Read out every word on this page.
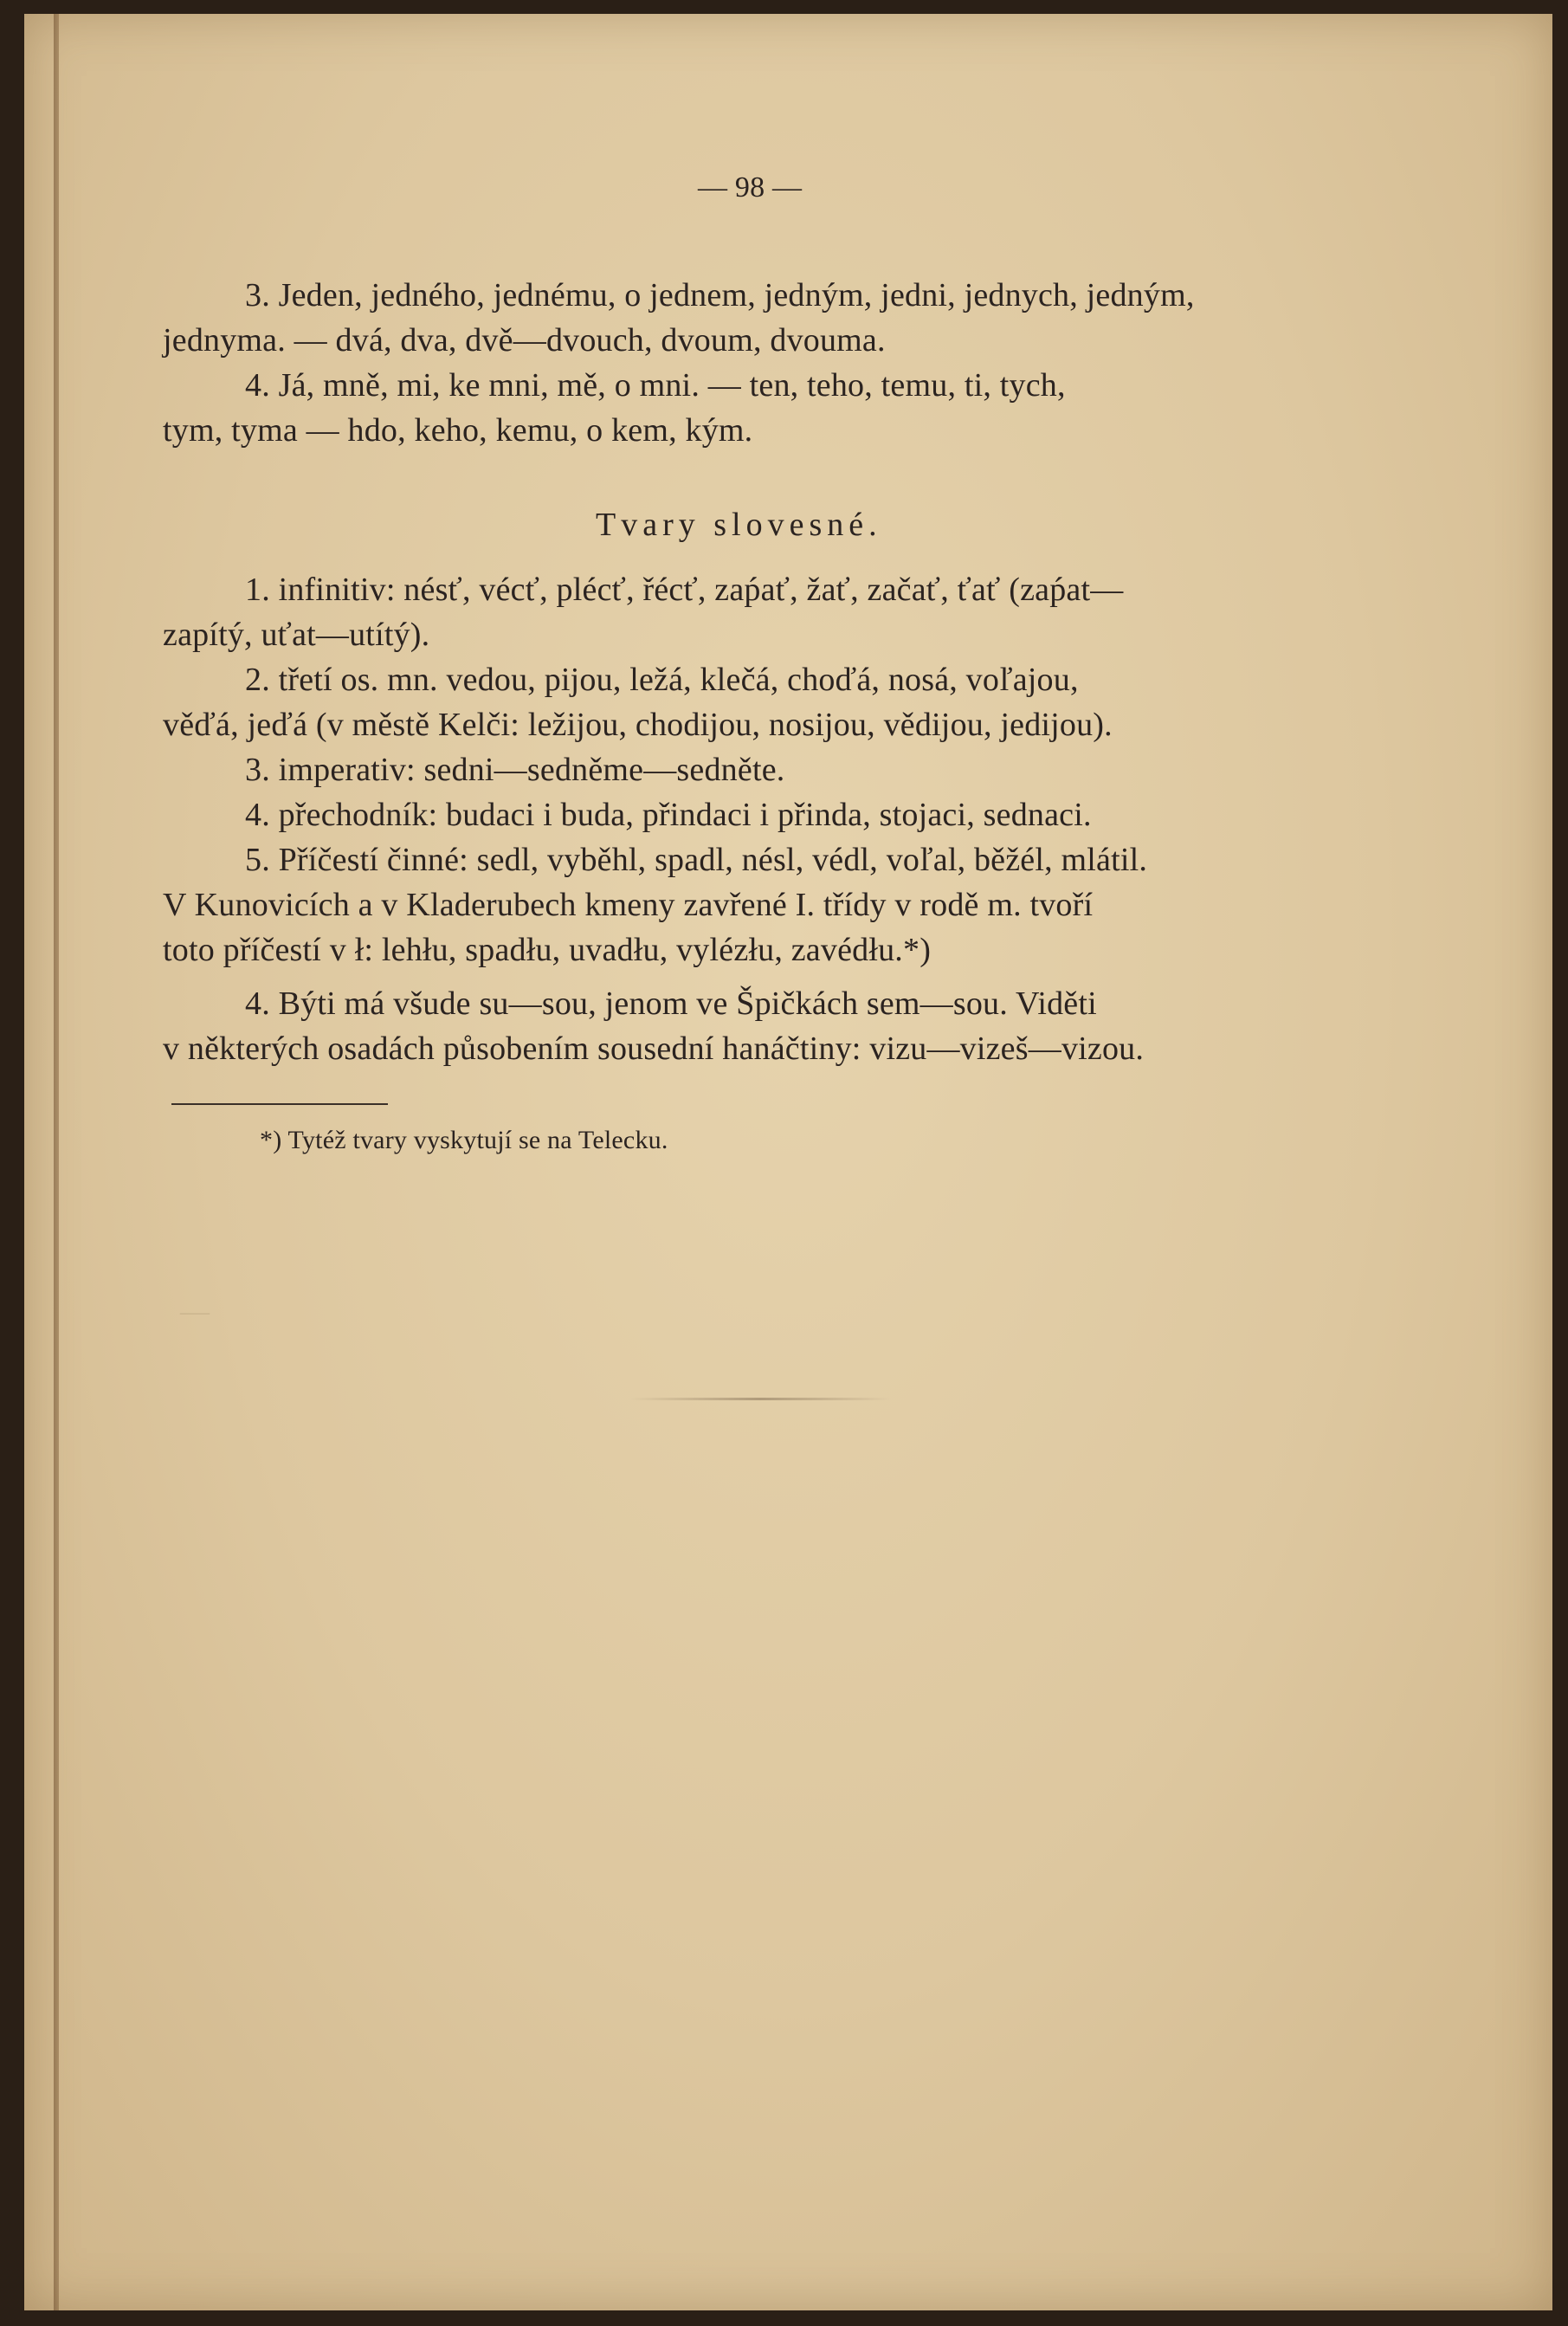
—
— 98 —
3. Jeden, jedného, jednému, o jednem, jedným, jedni, jednych, jedným,
jednyma. — dvá, dva, dvě—dvouch, dvoum, dvouma.
4. Já, mně, mi, ke mni, mě, o mni. — ten, teho, temu, ti, tych,
tym, tyma — hdo, keho, kemu, o kem, kým.
Tvary slovesné.
1. infinitiv: nésť, vécť, plécť, řécť, zaṕať, žať, začať, ťať (zaṕat—
zapítý, uťat—utítý).
2. třetí os. mn. vedou, pijou, ležá, klečá, choďá, nosá, voľajou,
věďá, jeďá (v městě Kelči: ležijou, chodijou, nosijou, vědijou, jedijou).
3. imperativ: sedni—sedněme—sedněte.
4. přechodník: budaci i buda, přindaci i přinda, stojaci, sednaci.
5. Příčestí činné: sedl, vyběhl, spadl, nésl, védl, voľal, běžél, mlátil.
V Kunovicích a v Kladerubech kmeny zavřené I. třídy v rodě m. tvoří
toto příčestí v ł: lehłu, spadłu, uvadłu, vylézłu, zavédłu.*)
4. Býti má všude su—sou, jenom ve Špičkách sem—sou. Viděti
v některých osadách působením sousední hanáčtiny: vizu—vizeš—vizou.
*) Tytéž tvary vyskytují se na Telecku.
